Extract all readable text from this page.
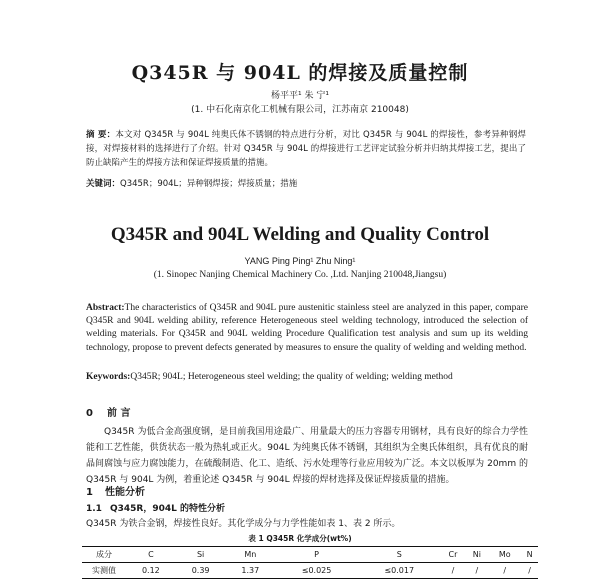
Q345R 与 904L 的焊接及质量控制
杨平平¹ 朱 宁¹
(1. 中石化南京化工机械有限公司，江苏南京 210048)
摘 要：本文对 Q345R 与 904L 纯奥氏体不锈钢的特点进行分析，对比 Q345R 与 904L 的焊接性，参考异种钢焊接，对焊接材料的选择进行了介绍。针对 Q345R 与 904L 的焊接进行工艺评定试验分析并归纳其焊接工艺，提出了防止缺陷产生的焊接方法和保证焊接质量的措施。
关键词：Q345R；904L；异种钢焊接；焊接质量；措施
Q345R and 904L Welding and Quality Control
YANG Ping Ping¹ Zhu Ning¹
(1. Sinopec Nanjing Chemical Machinery Co. ,Ltd. Nanjing 210048,Jiangsu)
Abstract:The characteristics of Q345R and 904L pure austenitic stainless steel are analyzed in this paper, compare Q345R and 904L welding ability, reference Heterogeneous steel welding technology, introduced the selection of welding materials. For Q345R and 904L welding Procedure Qualification test analysis and sum up its welding technology, propose to prevent defects generated by measures to ensure the quality of welding and welding method.
Keywords:Q345R; 904L; Heterogeneous steel welding; the quality of welding; welding method
0 前 言
Q345R 为低合金高强度钢，是目前我国用途最广、用量最大的压力容器专用钢材，具有良好的综合力学性能和工艺性能，供货状态一般为热轧或正火。904L 为纯奥氏体不锈钢，其组织为全奥氏体组织，具有优良的耐晶间腐蚀与应力腐蚀能力，在硫酸制造、化工、造纸、污水处理等行业应用较为广泛。本文以板厚为 20mm 的 Q345R 与 904L 为例，着重论述 Q345R 与 904L 焊接的焊材选择及保证焊接质量的措施。
1 性能分析
1.1 Q345R，904L 的特性分析
Q345R 为铁合金钢，焊接性良好。其化学成分与力学性能如表 1、表 2 所示。
表 1 Q345R 化学成分(wt%)
成分	C	Si	Mn	P	S	Cr	Ni	Mo	N
实测值	0.12	0.39	1.37	≤0.025	≤0.017	/	/	/	/
